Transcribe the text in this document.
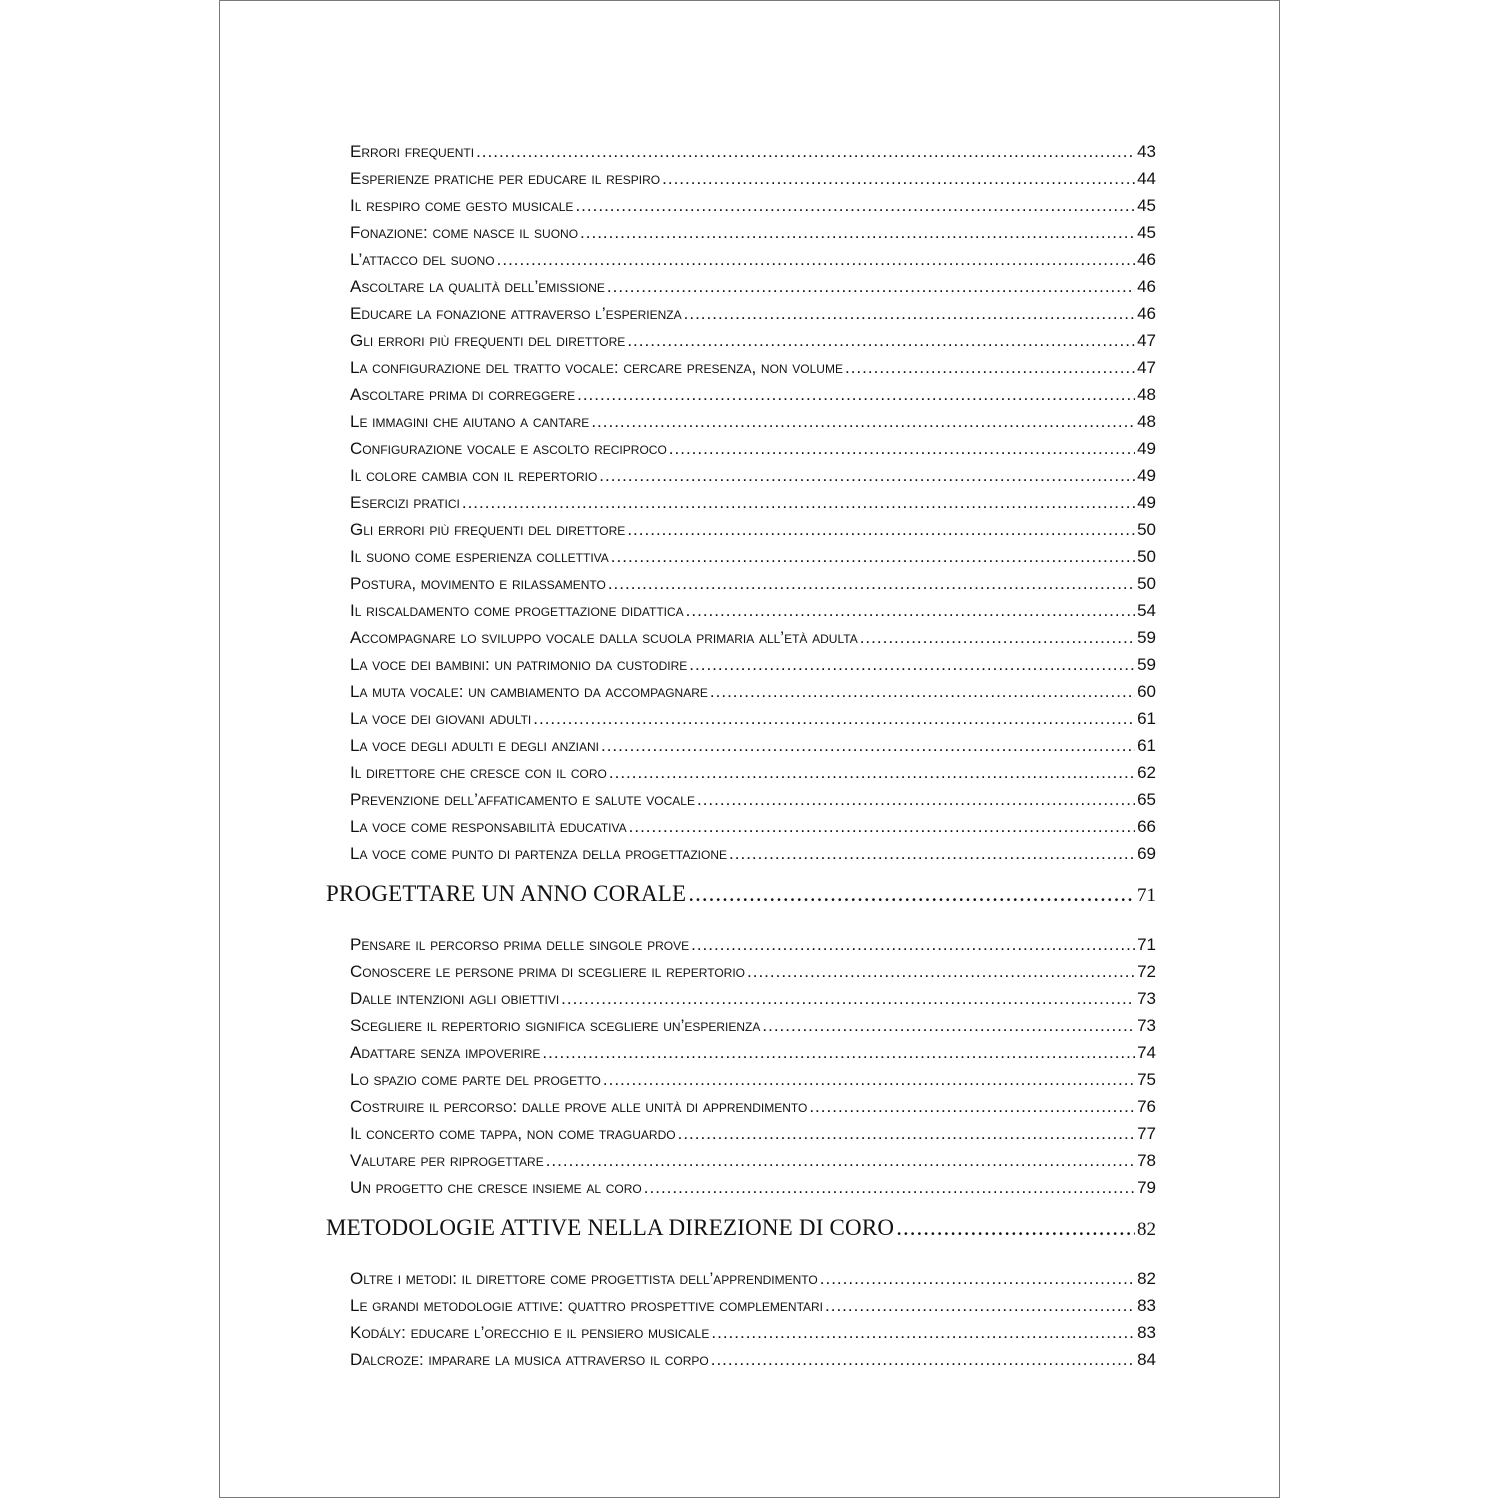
Errori frequenti .....	43
Esperienze pratiche per educare il respiro .....	44
Il respiro come gesto musicale .....	45
Fonazione: come nasce il suono .....	45
L’attacco del suono .....	46
Ascoltare la qualità dell’emissione .....	46
Educare la fonazione attraverso l’esperienza .....	46
Gli errori più frequenti del direttore .....	47
La configurazione del tratto vocale: cercare presenza, non volume .....	47
Ascoltare prima di correggere .....	48
Le immagini che aiutano a cantare .....	48
Configurazione vocale e ascolto reciproco .....	49
Il colore cambia con il repertorio .....	49
Esercizi pratici .....	49
Gli errori più frequenti del direttore .....	50
Il suono come esperienza collettiva .....	50
Postura, movimento e rilassamento .....	50
Il riscaldamento come progettazione didattica .....	54
Accompagnare lo sviluppo vocale dalla scuola primaria all’età adulta .....	59
La voce dei bambini: un patrimonio da custodire .....	59
La muta vocale: un cambiamento da accompagnare .....	60
La voce dei giovani adulti .....	61
La voce degli adulti e degli anziani .....	61
Il direttore che cresce con il coro .....	62
Prevenzione dell’affaticamento e salute vocale .....	65
La voce come responsabilità educativa .....	66
La voce come punto di partenza della progettazione .....	69
PROGETTARE UN ANNO CORALE .....	71
Pensare il percorso prima delle singole prove .....	71
Conoscere le persone prima di scegliere il repertorio .....	72
Dalle intenzioni agli obiettivi .....	73
Scegliere il repertorio significa scegliere un’esperienza .....	73
Adattare senza impoverire .....	74
Lo spazio come parte del progetto .....	75
Costruire il percorso: dalle prove alle unità di apprendimento .....	76
Il concerto come tappa, non come traguardo .....	77
Valutare per riprogettare .....	78
Un progetto che cresce insieme al coro .....	79
METODOLOGIE ATTIVE NELLA DIREZIONE DI CORO .....	82
Oltre i metodi: il direttore come progettista dell’apprendimento .....	82
Le grandi metodologie attive: quattro prospettive complementari .....	83
Kodály: educare l’orecchio e il pensiero musicale .....	83
Dalcroze: imparare la musica attraverso il corpo .....	84
